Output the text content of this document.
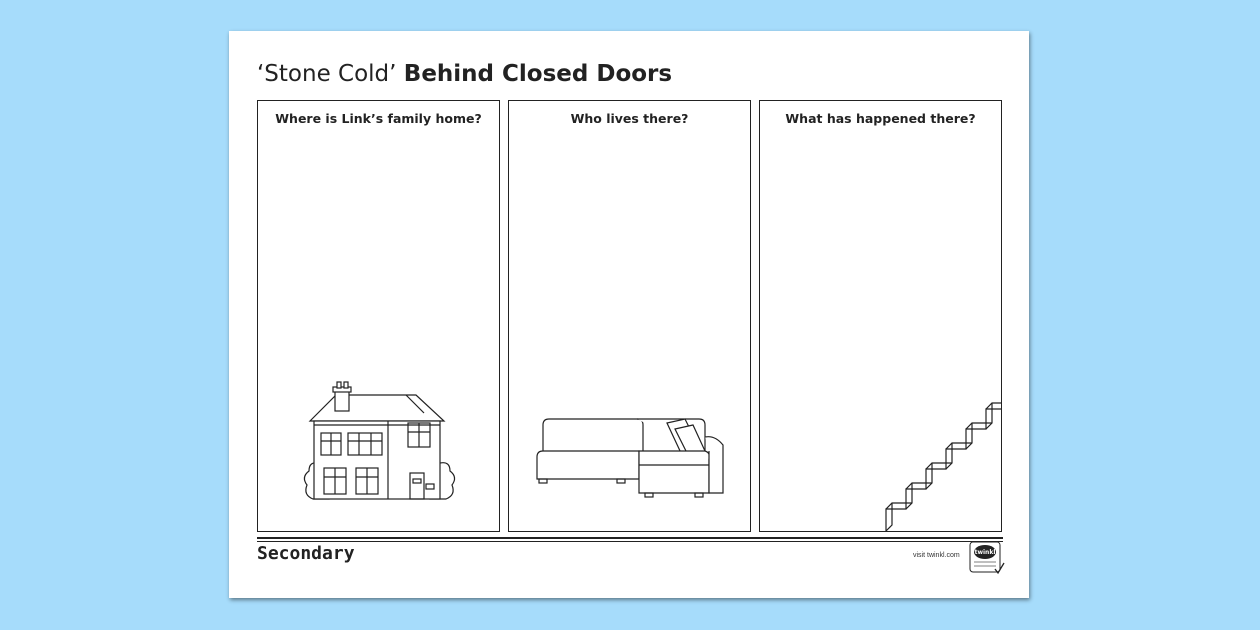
‘Stone Cold’ Behind Closed Doors
Where is Link’s family home?	Who lives there?	What has happened there?
Secondary	visit twinkl.com twinkl
